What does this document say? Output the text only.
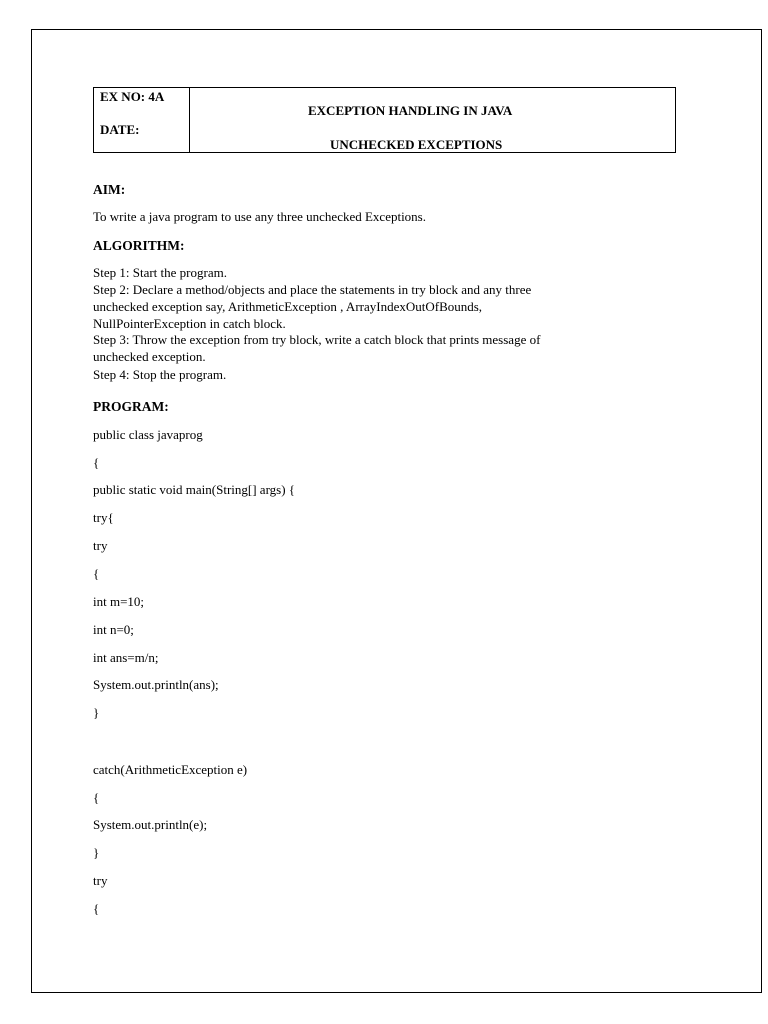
EX NO: 4A
DATE:
EXCEPTION HANDLING IN JAVA
UNCHECKED EXCEPTIONS
AIM:
To write a java program to use any three unchecked Exceptions.
ALGORITHM:
Step 1: Start the program.
Step 2: Declare a method/objects and place the statements in try block and any three
unchecked exception say, ArithmeticException , ArrayIndexOutOfBounds,
NullPointerException in catch block.
Step 3: Throw the exception from try block, write a catch block that prints message of
unchecked exception.
Step 4: Stop the program.
PROGRAM:
public class javaprog
{
public static void main(String[] args) {
try{
try
{
int m=10;
int n=0;
int ans=m/n;
System.out.println(ans);
}
catch(ArithmeticException e)
{
System.out.println(e);
}
try
{
